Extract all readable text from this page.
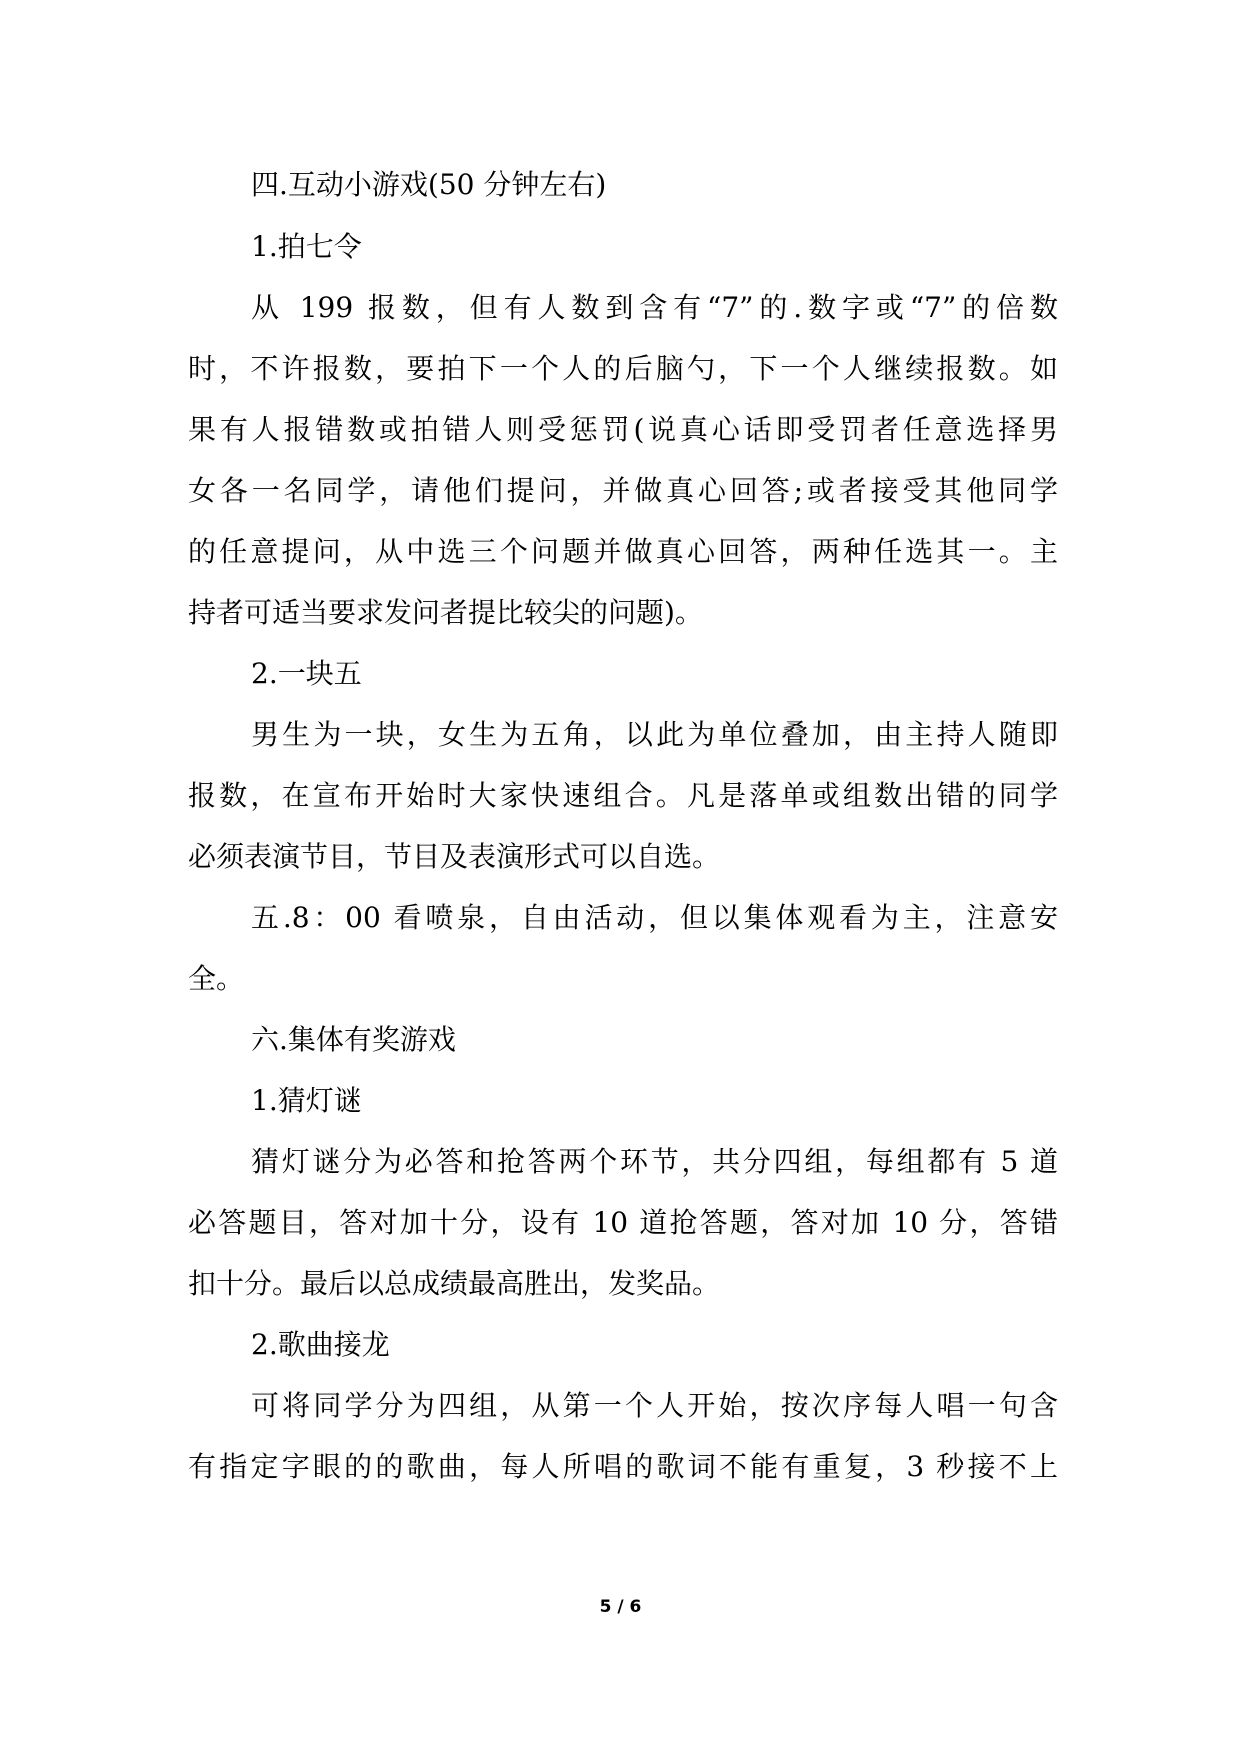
四.互动小游戏(50 分钟左右)
1.拍七令
从 199 报数，但有人数到含有“7”的.数字或“7”的倍数
时，不许报数，要拍下一个人的后脑勺，下一个人继续报数。如
果有人报错数或拍错人则受惩罚(说真心话即受罚者任意选择男
女各一名同学，请他们提问，并做真心回答;或者接受其他同学
的任意提问，从中选三个问题并做真心回答，两种任选其一。主
持者可适当要求发问者提比较尖的问题)。
2.一块五
男生为一块，女生为五角，以此为单位叠加，由主持人随即
报数，在宣布开始时大家快速组合。凡是落单或组数出错的同学
必须表演节目，节目及表演形式可以自选。
五.8：00 看喷泉，自由活动，但以集体观看为主，注意安
全。
六.集体有奖游戏
1.猜灯谜
猜灯谜分为必答和抢答两个环节，共分四组，每组都有 5 道
必答题目，答对加十分，设有 10 道抢答题，答对加 10 分，答错
扣十分。最后以总成绩最高胜出，发奖品。
2.歌曲接龙
可将同学分为四组，从第一个人开始，按次序每人唱一句含
有指定字眼的的歌曲，每人所唱的歌词不能有重复，3 秒接不上
5 / 6
